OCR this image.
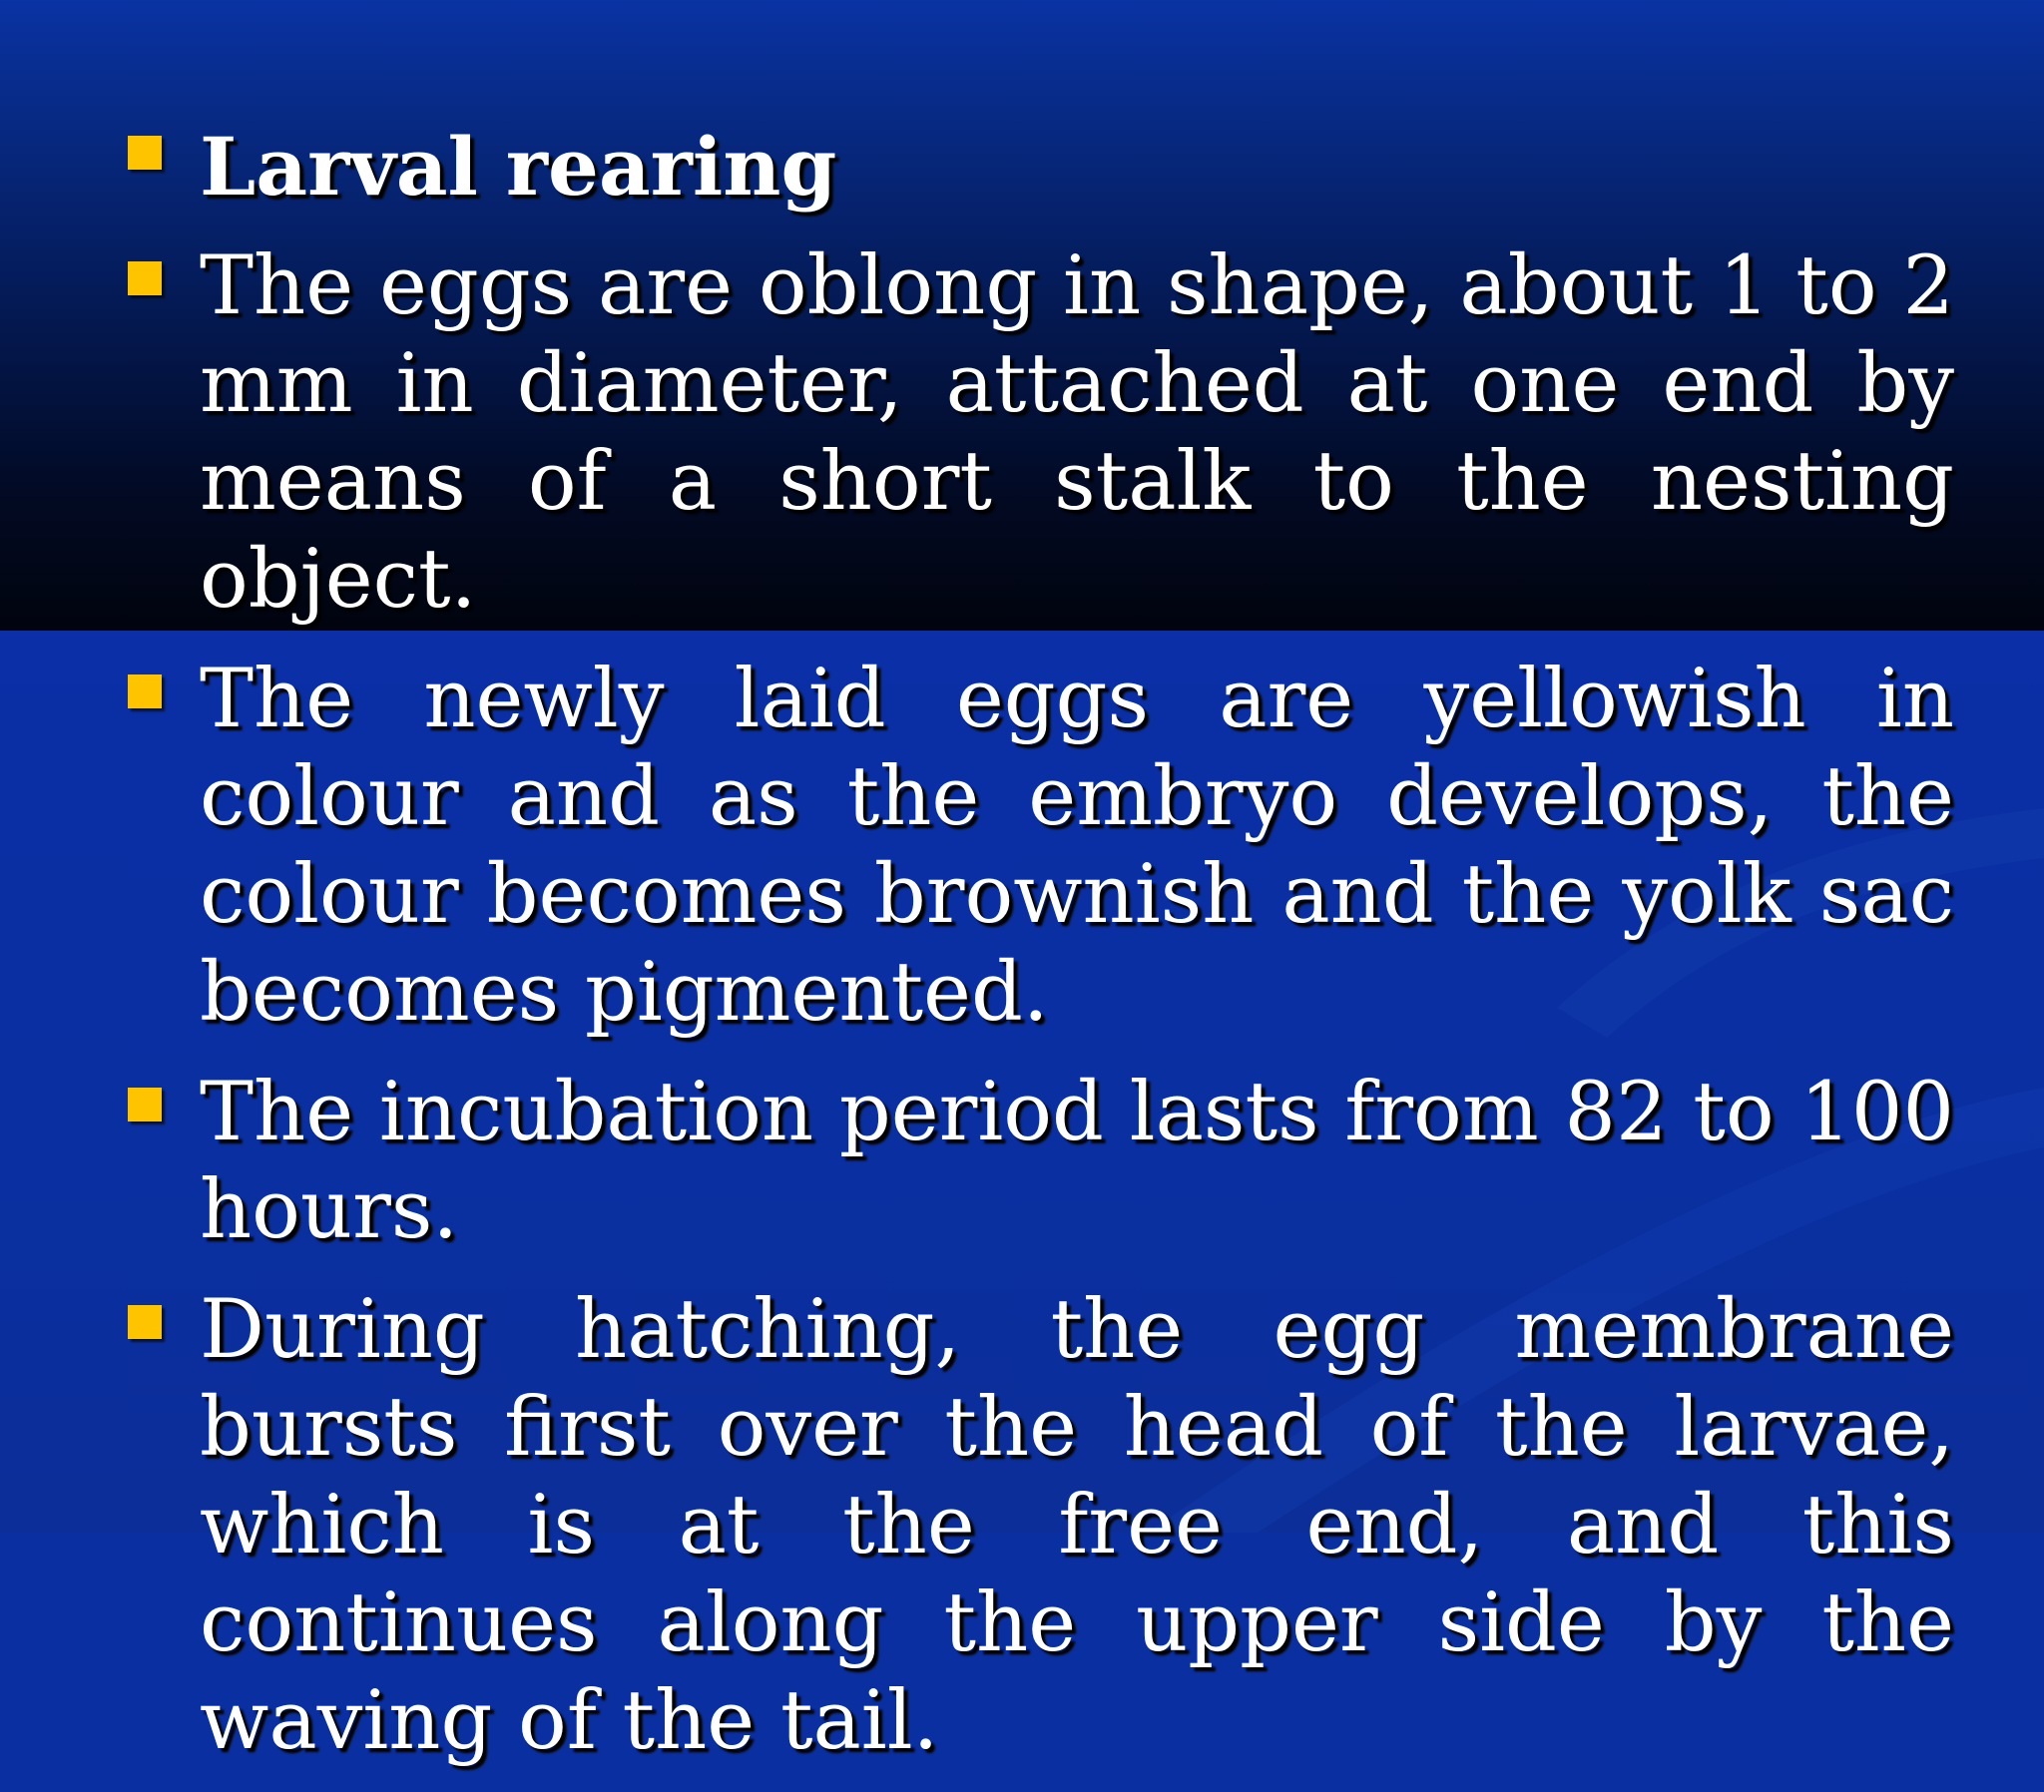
Larval rearing
The eggs are oblong in shape, about 1 to 2 mm in diameter, attached at one end by means of a short stalk to the nesting object.
The newly laid eggs are yellowish in colour and as the embryo develops, the colour becomes brownish and the yolk sac becomes pigmented.
The incubation period lasts from 82 to 100 hours.
During hatching, the egg membrane bursts first over the head of the larvae, which is at the free end, and this continues along the upper side by the waving of the tail.
